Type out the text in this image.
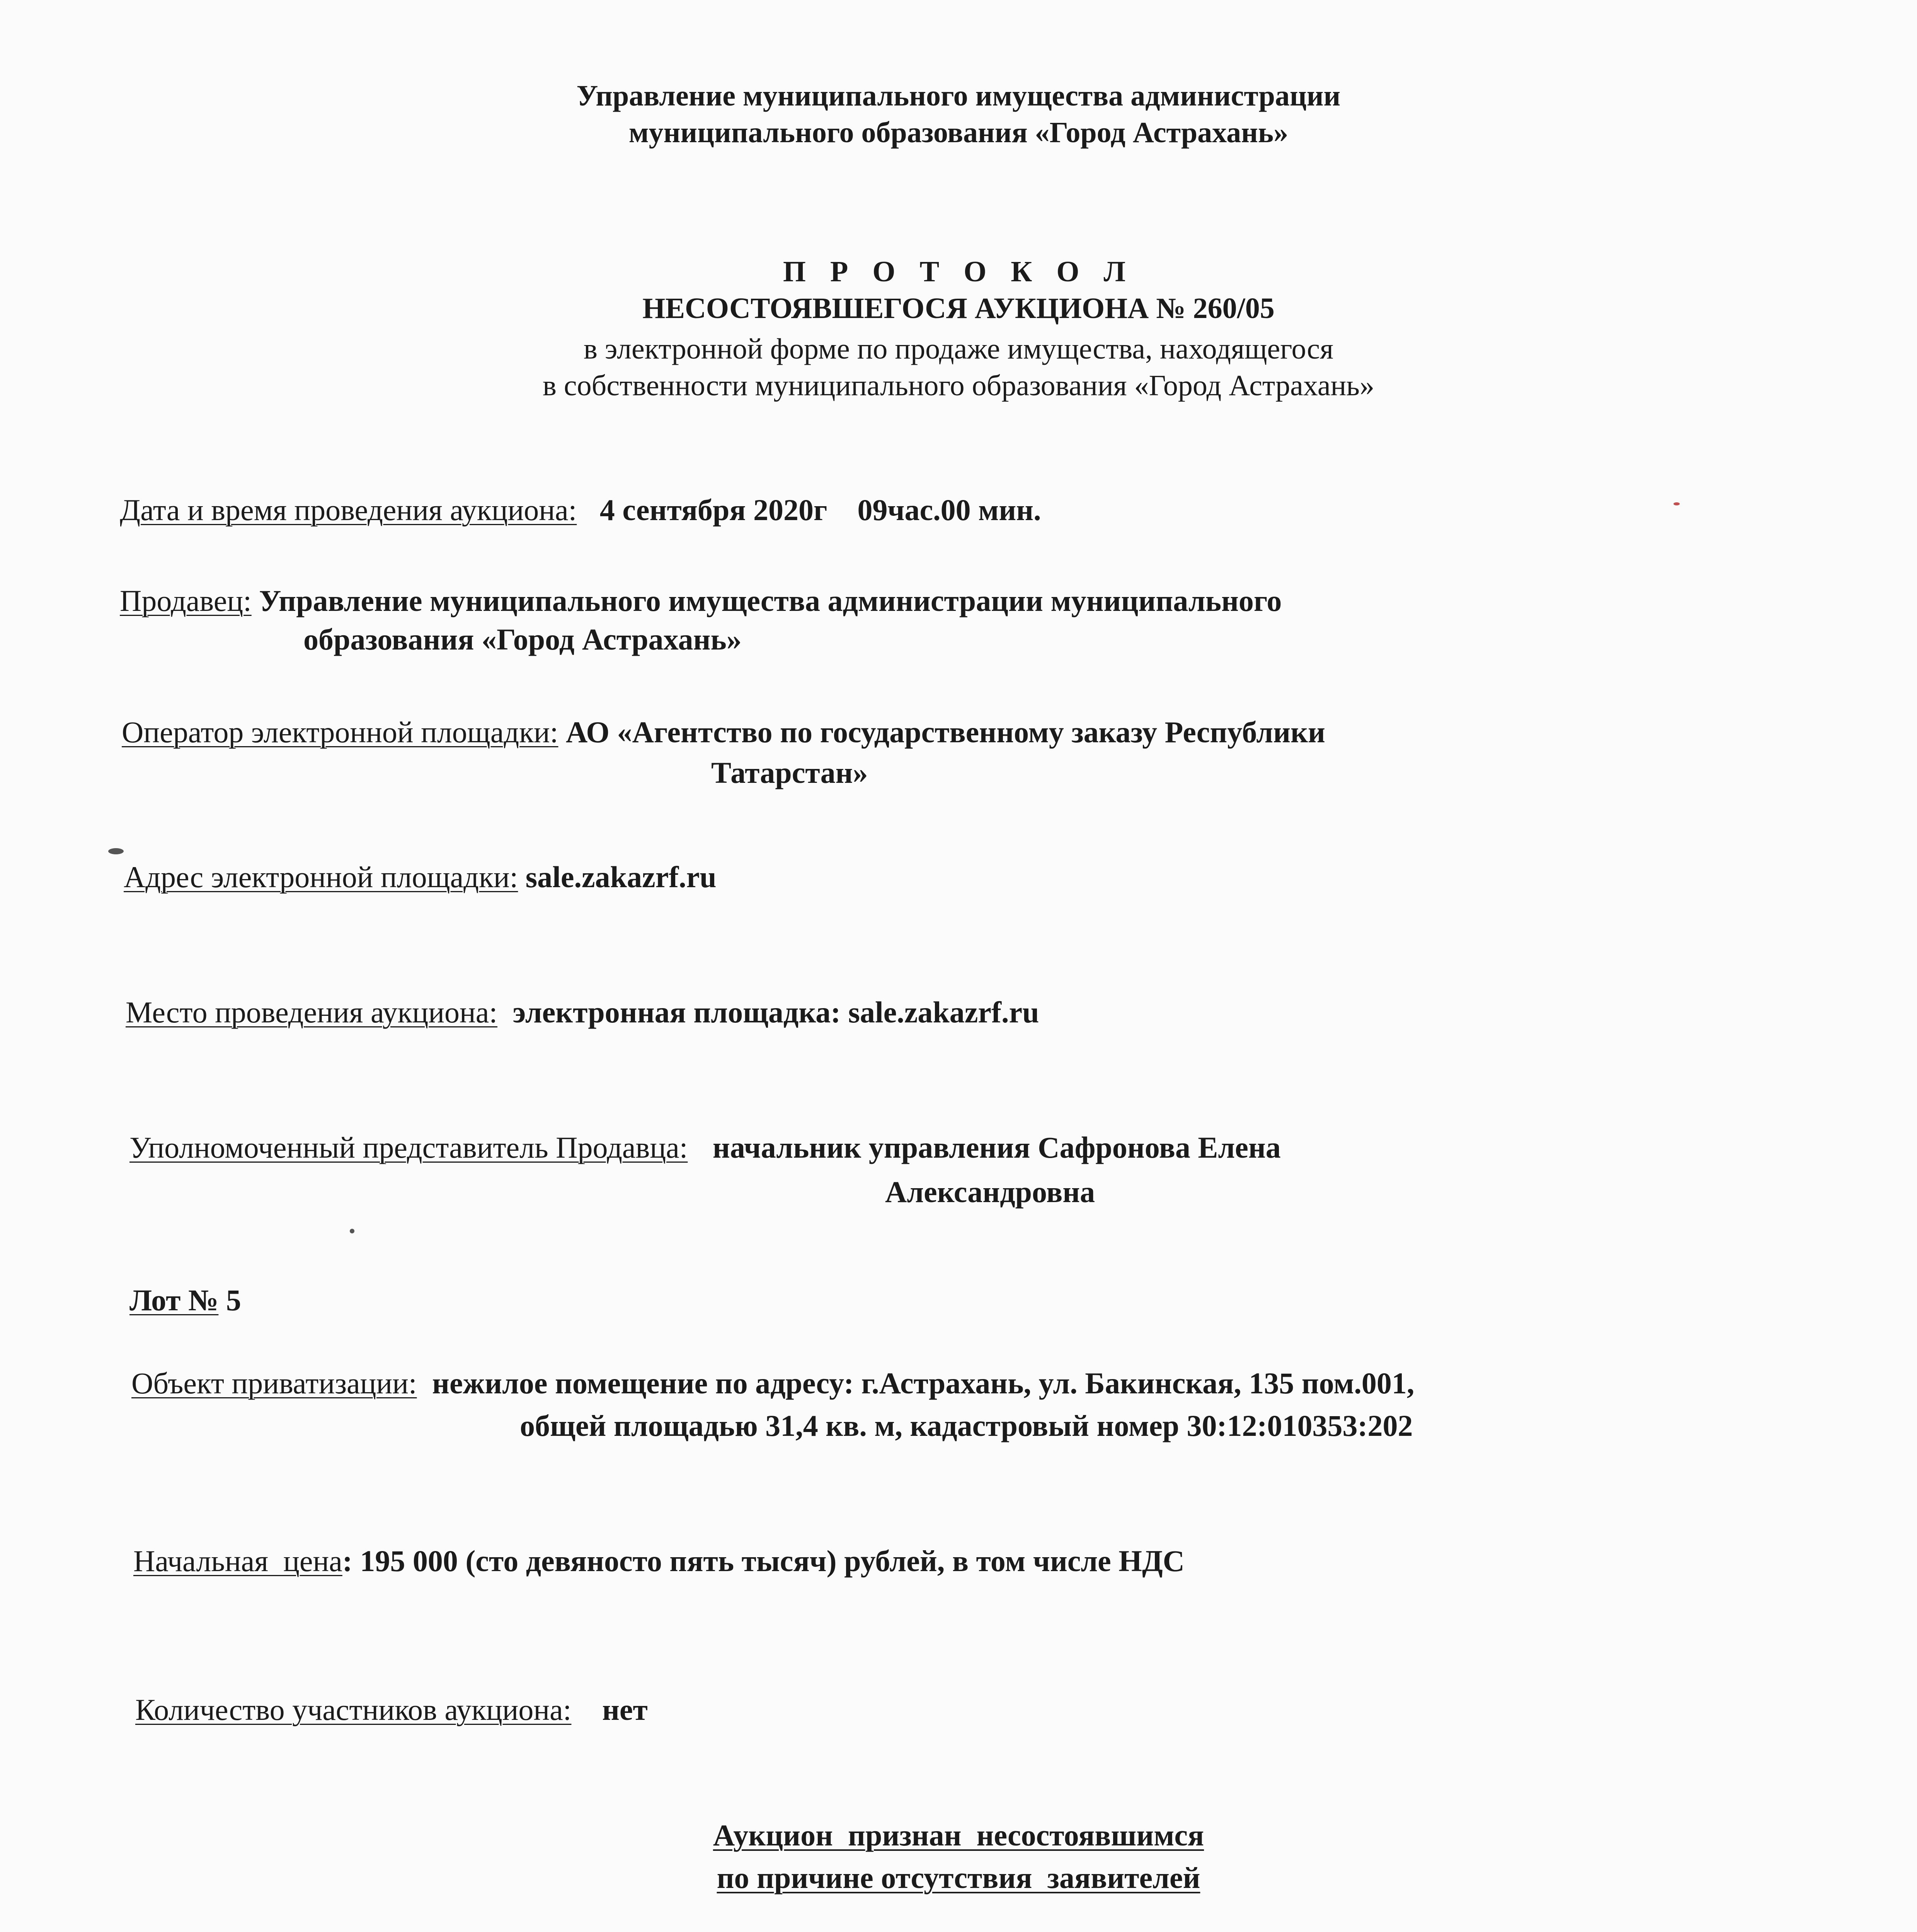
Управление муниципального имущества администрации
муниципального образования «Город Астрахань»
П Р О Т О К О Л
НЕСОСТОЯВШЕГОСЯ АУКЦИОНА № 260/05
в электронной форме по продаже имущества, находящегося
в собственности муниципального образования «Город Астрахань»
Дата и время проведения аукциона: 4 сентября 2020г    09час.00 мин.
Продавец: Управление муниципального имущества администрации муниципального
образования «Город Астрахань»
Оператор электронной площадки: АО «Агентство по государственному заказу Республики
Татарстан»
Адрес электронной площадки: sale.zakazrf.ru
Место проведения аукциона: электронная площадка: sale.zakazrf.ru
Уполномоченный представитель Продавца: начальник управления Сафронова Елена
Александровна
Лот № 5
Объект приватизации: нежилое помещение по адресу: г.Астрахань, ул. Бакинская, 135 пом.001,
общей площадью 31,4 кв. м, кадастровый номер 30:12:010353:202
Начальная  цена: 195 000 (сто девяносто пять тысяч) рублей, в том числе НДС
Количество участников аукциона: нет
Аукцион  признан  несостоявшимся
по причине отсутствия  заявителей
